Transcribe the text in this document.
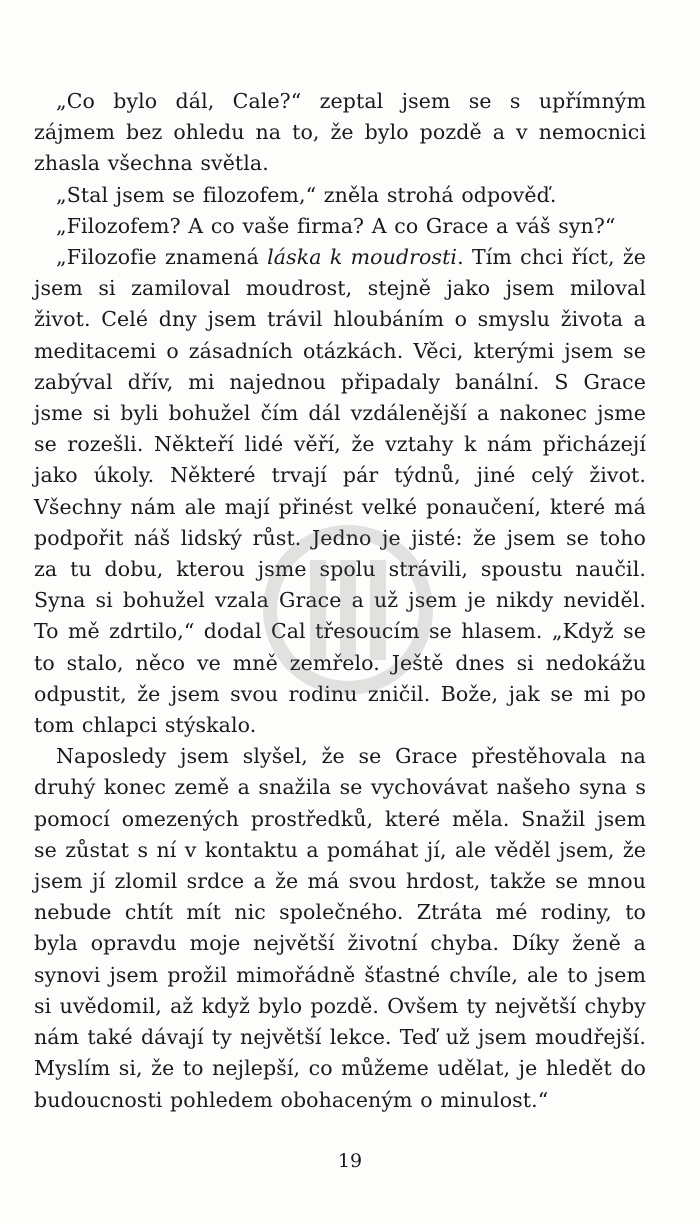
„Co bylo dál, Cale?“ zeptal jsem se s upřímným zájmem bez ohledu na to, že bylo pozdě a v nemocnici zhasla všechna světla.

„Stal jsem se filozofem,“ zněla strohá odpověď.

„Filozofem? A co vaše firma? A co Grace a váš syn?“

„Filozofie znamená láska k moudrosti. Tím chci říct, že jsem si zamiloval moudrost, stejně jako jsem miloval život. Celé dny jsem trávil hloubáním o smyslu života a meditacemi o zásadních otázkách. Věci, kterými jsem se zabýval dřív, mi najednou připadaly banální. S Grace jsme si byli bohužel čím dál vzdálenější a nakonec jsme se rozešli. Někteří lidé věří, že vztahy k nám přicházejí jako úkoly. Některé trvají pár týdnů, jiné celý život. Všechny nám ale mají přinést velké ponaučení, které má podpořit náš lidský růst. Jedno je jisté: že jsem se toho za tu dobu, kterou jsme spolu strávili, spoustu naučil. Syna si bohužel vzala Grace a už jsem je nikdy neviděl. To mě zdrtilo,“ dodal Cal třesoucím se hlasem. „Když se to stalo, něco ve mně zemřelo. Ještě dnes si nedokážu odpustit, že jsem svou rodinu zničil. Bože, jak se mi po tom chlapci stýskalo.

Naposledy jsem slyšel, že se Grace přestěhovala na druhý konec země a snažila se vychovávat našeho syna s pomocí omezených prostředků, které měla. Snažil jsem se zůstat s ní v kontaktu a pomáhat jí, ale věděl jsem, že jsem jí zlomil srdce a že má svou hrdost, takže se mnou nebude chtít mít nic společného. Ztráta mé rodiny, to byla opravdu moje největší životní chyba. Díky ženě a synovi jsem prožil mimořádně šťastné chvíle, ale to jsem si uvědomil, až když bylo pozdě. Ovšem ty největší chyby nám také dávají ty největší lekce. Teď už jsem moudřejší. Myslím si, že to nejlepší, co můžeme udělat, je hledět do budoucnosti pohledem obohaceným o minulost.“

19
